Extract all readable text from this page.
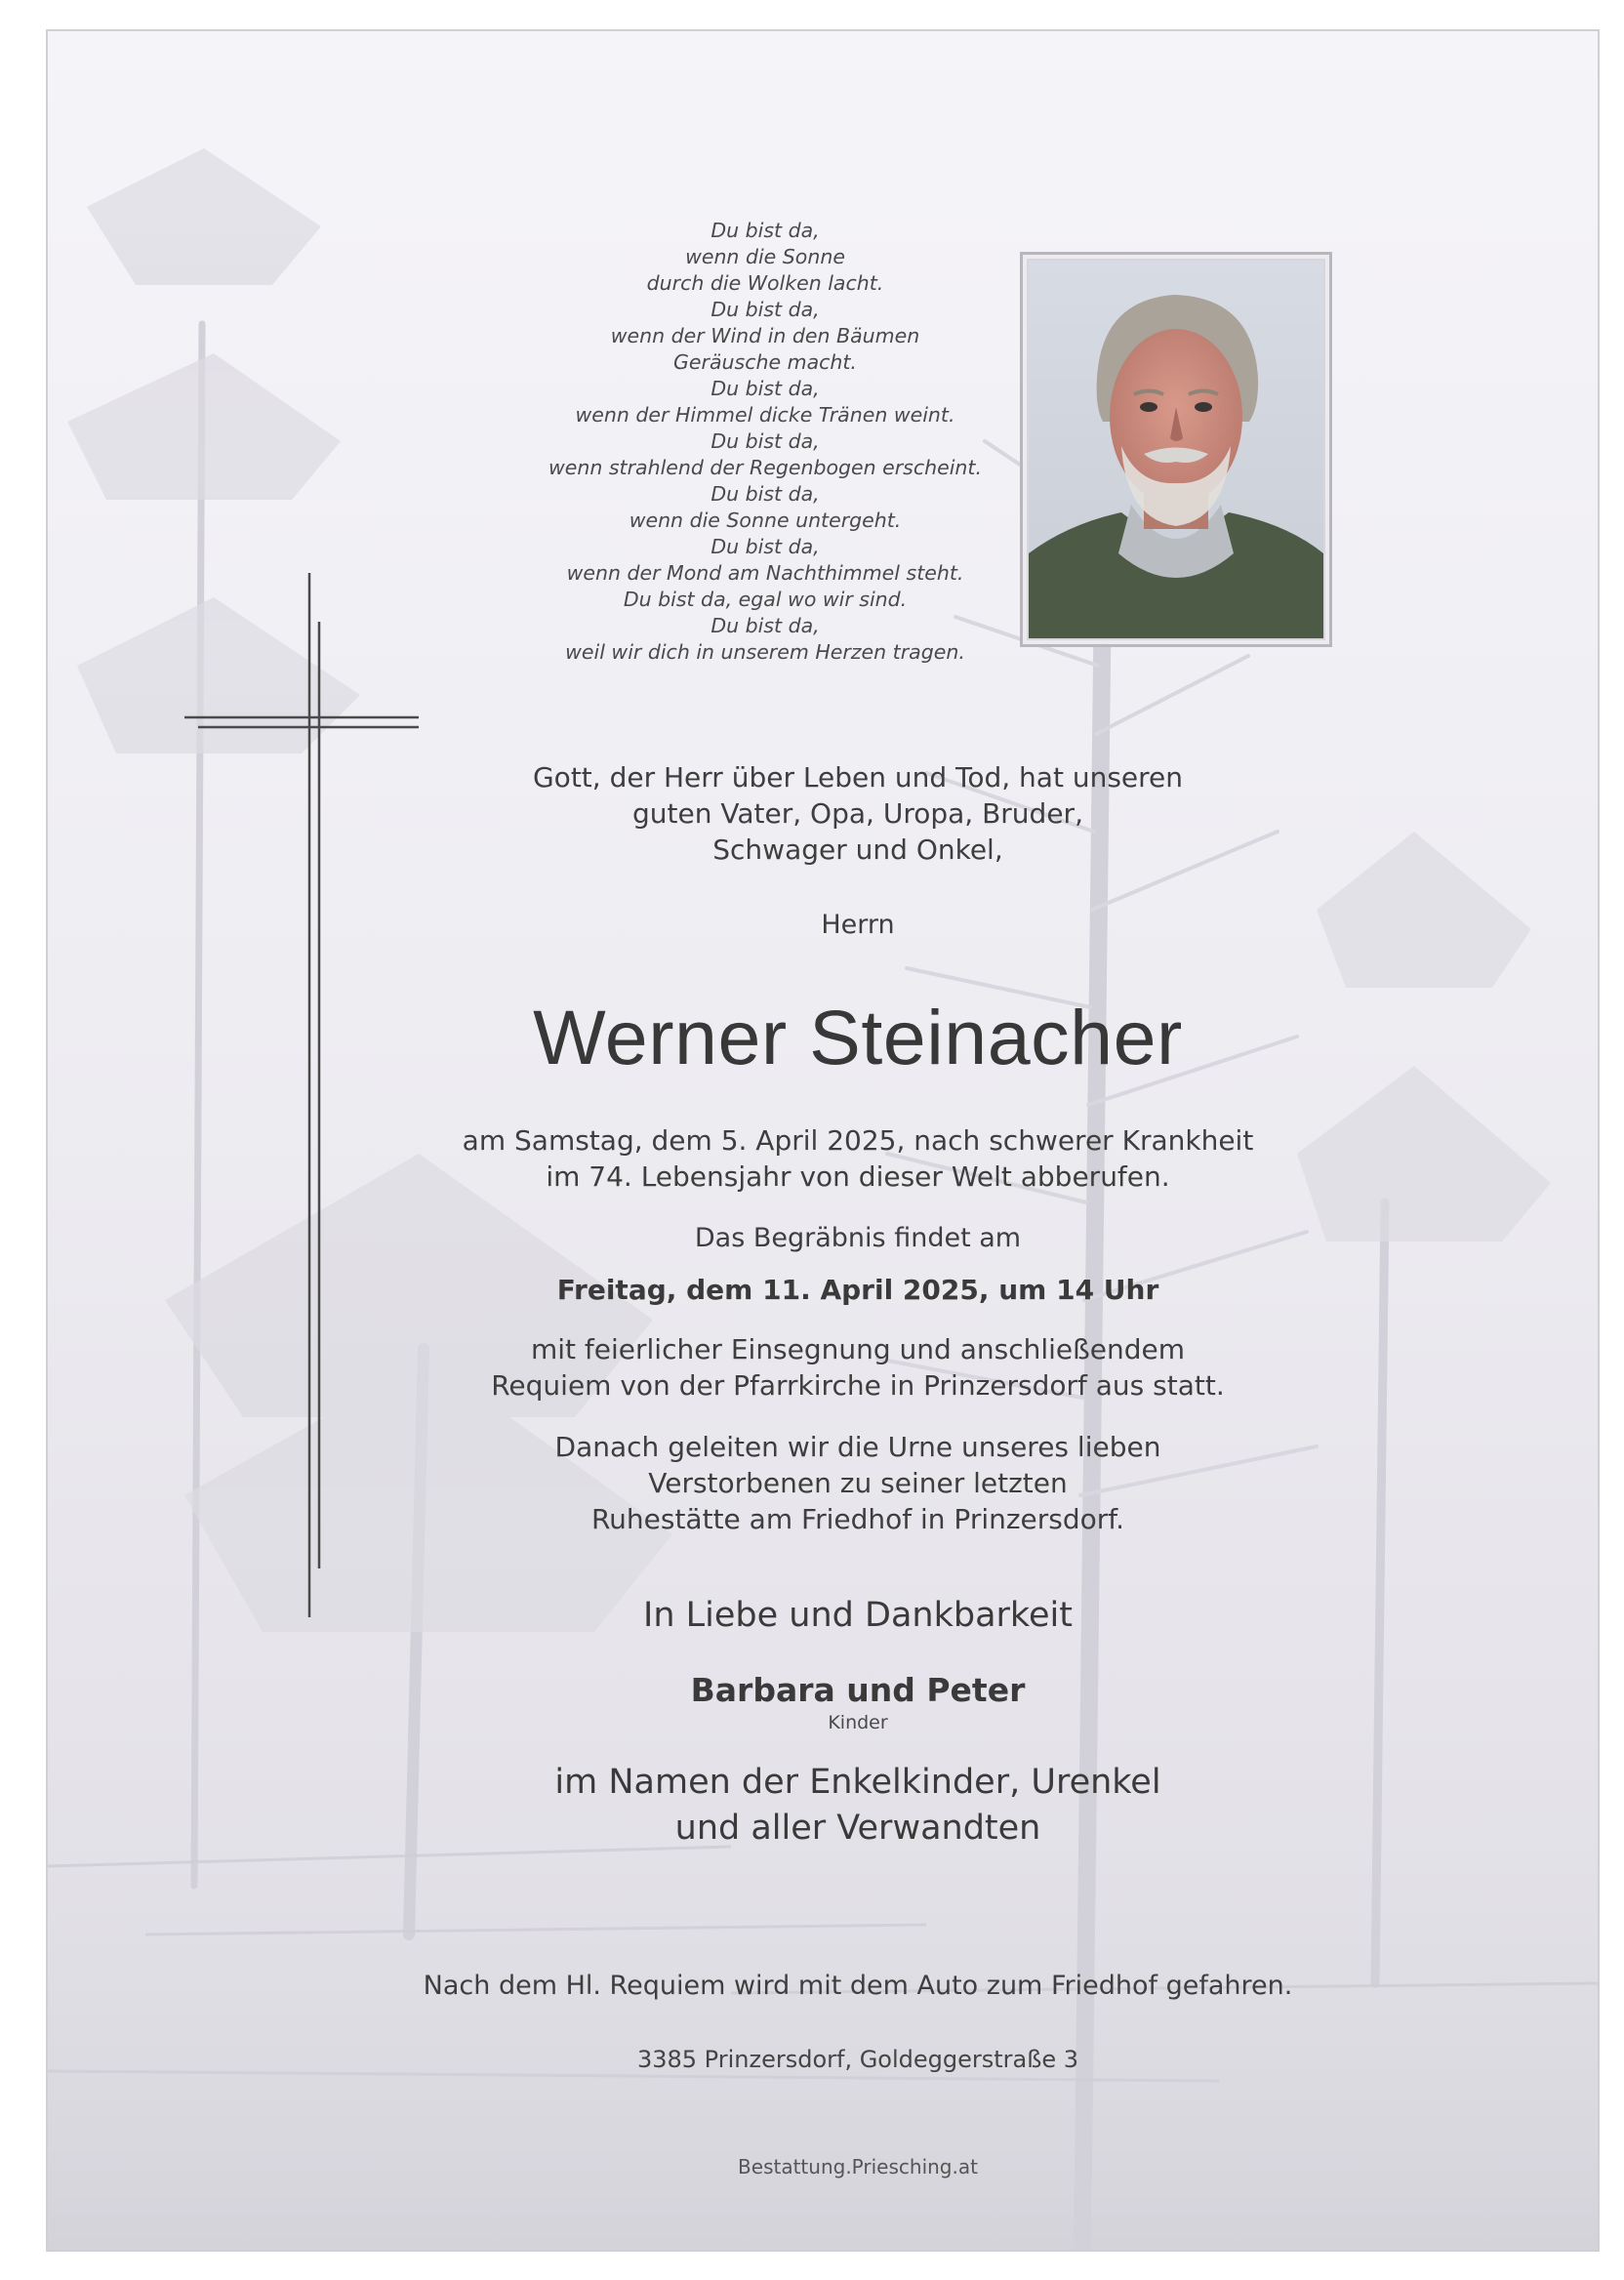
Du bist da,
wenn die Sonne
durch die Wolken lacht.
Du bist da,
wenn der Wind in den Bäumen
Geräusche macht.
Du bist da,
wenn der Himmel dicke Tränen weint.
Du bist da,
wenn strahlend der Regenbogen erscheint.
Du bist da,
wenn die Sonne untergeht.
Du bist da,
wenn der Mond am Nachthimmel steht.
Du bist da, egal wo wir sind.
Du bist da,
weil wir dich in unserem Herzen tragen.
Gott, der Herr über Leben und Tod, hat unseren
guten Vater, Opa, Uropa, Bruder,
Schwager und Onkel,
Herrn
Werner Steinacher
am Samstag, dem 5. April 2025, nach schwerer Krankheit
im 74. Lebensjahr von dieser Welt abberufen.
Das Begräbnis findet am
Freitag, dem 11. April 2025, um 14 Uhr
mit feierlicher Einsegnung und anschließendem
Requiem von der Pfarrkirche in Prinzersdorf aus statt.
Danach geleiten wir die Urne unseres lieben
Verstorbenen zu seiner letzten
Ruhestätte am Friedhof in Prinzersdorf.
In Liebe und Dankbarkeit
Barbara und Peter
Kinder
im Namen der Enkelkinder, Urenkel
und aller Verwandten
Nach dem Hl. Requiem wird mit dem Auto zum Friedhof gefahren.
3385 Prinzersdorf, Goldeggerstraße 3
Bestattung.Priesching.at
